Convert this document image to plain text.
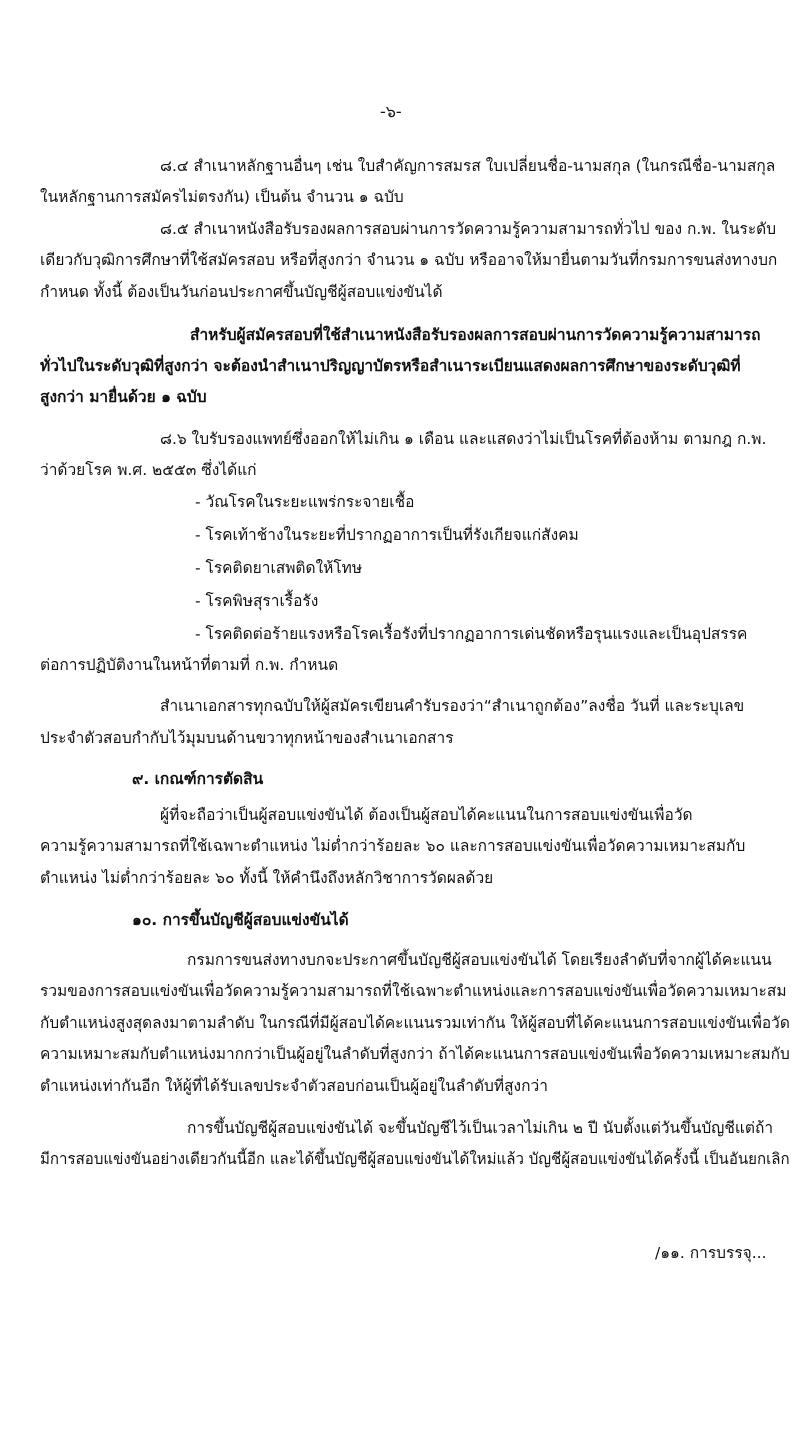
-๖-
๘.๔ สำเนาหลักฐานอื่นๆ เช่น ใบสำคัญการสมรส ใบเปลี่ยนชื่อ-นามสกุล (ในกรณีชื่อ-นามสกุล
ในหลักฐานการสมัครไม่ตรงกัน) เป็นต้น จำนวน ๑ ฉบับ
๘.๕ สำเนาหนังสือรับรองผลการสอบผ่านการวัดความรู้ความสามารถทั่วไป ของ ก.พ. ในระดับ
เดียวกับวุฒิการศึกษาที่ใช้สมัครสอบ หรือที่สูงกว่า จำนวน ๑ ฉบับ หรืออาจให้มายื่นตามวันที่กรมการขนส่งทางบก
กำหนด ทั้งนี้ ต้องเป็นวันก่อนประกาศขึ้นบัญชีผู้สอบแข่งขันได้
สำหรับผู้สมัครสอบที่ใช้สำเนาหนังสือรับรองผลการสอบผ่านการวัดความรู้ความสามารถ
ทั่วไปในระดับวุฒิที่สูงกว่า จะต้องนำสำเนาปริญญาบัตรหรือสำเนาระเบียนแสดงผลการศึกษาของระดับวุฒิที่
สูงกว่า มายื่นด้วย ๑ ฉบับ
๘.๖ ใบรับรองแพทย์ซึ่งออกให้ไม่เกิน ๑ เดือน และแสดงว่าไม่เป็นโรคที่ต้องห้าม ตามกฎ ก.พ.
ว่าด้วยโรค พ.ศ. ๒๕๕๓ ซึ่งได้แก่
- วัณโรคในระยะแพร่กระจายเชื้อ
- โรคเท้าช้างในระยะที่ปรากฏอาการเป็นที่รังเกียจแก่สังคม
- โรคติดยาเสพติดให้โทษ
- โรคพิษสุราเรื้อรัง
- โรคติดต่อร้ายแรงหรือโรคเรื้อรังที่ปรากฏอาการเด่นชัดหรือรุนแรงและเป็นอุปสรรค
ต่อการปฏิบัติงานในหน้าที่ตามที่ ก.พ. กำหนด
สำเนาเอกสารทุกฉบับให้ผู้สมัครเขียนคำรับรองว่า“สำเนาถูกต้อง”ลงชื่อ วันที่ และระบุเลข
ประจำตัวสอบกำกับไว้มุมบนด้านขวาทุกหน้าของสำเนาเอกสาร
๙. เกณฑ์การตัดสิน
ผู้ที่จะถือว่าเป็นผู้สอบแข่งขันได้ ต้องเป็นผู้สอบได้คะแนนในการสอบแข่งขันเพื่อวัด
ความรู้ความสามารถที่ใช้เฉพาะตำแหน่ง ไม่ต่ำกว่าร้อยละ ๖๐ และการสอบแข่งขันเพื่อวัดความเหมาะสมกับ
ตำแหน่ง ไม่ต่ำกว่าร้อยละ ๖๐ ทั้งนี้ ให้คำนึงถึงหลักวิชาการวัดผลด้วย
๑๐. การขึ้นบัญชีผู้สอบแข่งขันได้
กรมการขนส่งทางบกจะประกาศขึ้นบัญชีผู้สอบแข่งขันได้ โดยเรียงลำดับที่จากผู้ได้คะแนน
รวมของการสอบแข่งขันเพื่อวัดความรู้ความสามารถที่ใช้เฉพาะตำแหน่งและการสอบแข่งขันเพื่อวัดความเหมาะสม
กับตำแหน่งสูงสุดลงมาตามลำดับ ในกรณีที่มีผู้สอบได้คะแนนรวมเท่ากัน ให้ผู้สอบที่ได้คะแนนการสอบแข่งขันเพื่อวัด
ความเหมาะสมกับตำแหน่งมากกว่าเป็นผู้อยู่ในลำดับที่สูงกว่า ถ้าได้คะแนนการสอบแข่งขันเพื่อวัดความเหมาะสมกับ
ตำแหน่งเท่ากันอีก ให้ผู้ที่ได้รับเลขประจำตัวสอบก่อนเป็นผู้อยู่ในลำดับที่สูงกว่า
การขึ้นบัญชีผู้สอบแข่งขันได้ จะขึ้นบัญชีไว้เป็นเวลาไม่เกิน ๒ ปี นับตั้งแต่วันขึ้นบัญชีแต่ถ้า
มีการสอบแข่งขันอย่างเดียวกันนี้อีก และได้ขึ้นบัญชีผู้สอบแข่งขันได้ใหม่แล้ว บัญชีผู้สอบแข่งขันได้ครั้งนี้ เป็นอันยกเลิก
/๑๑. การบรรจุ...
